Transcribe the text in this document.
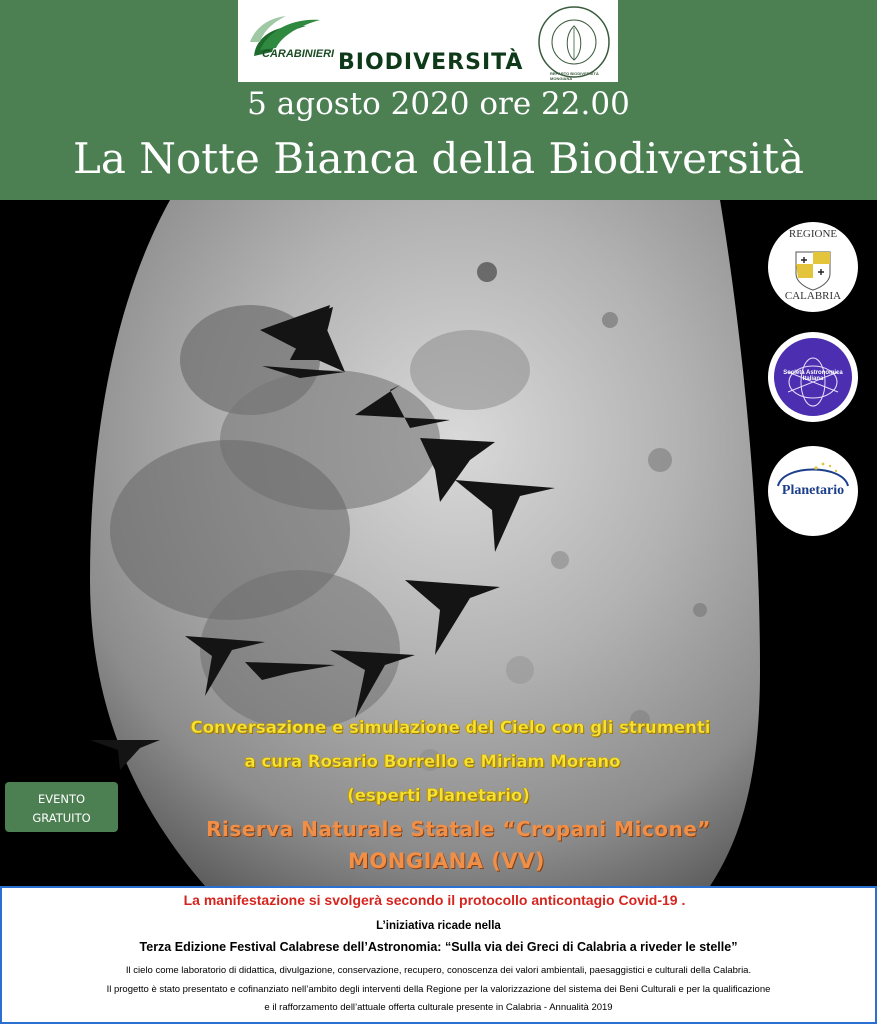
CARABINIERI BIODIVERSITÀ	REPARTO BIODIVERSITÀ MONGIANA
5 agosto 2020 ore 22.00
La Notte Bianca della Biodiversità
REGIONE
CALABRIA
Società Astronomica Italiana
Planetario
Conversazione e simulazione del Cielo con gli strumenti
a cura Rosario Borrello e Miriam Morano
(esperti Planetario)
Riserva Naturale Statale “Cropani Micone”
MONGIANA (VV)
EVENTO
GRATUITO
La manifestazione si svolgerà secondo il protocollo anticontagio Covid-19 .
L’iniziativa ricade nella
Terza Edizione Festival Calabrese dell’Astronomia: “Sulla via dei Greci di Calabria a riveder le stelle”
Il cielo come laboratorio di didattica, divulgazione, conservazione, recupero, conoscenza dei valori ambientali, paesaggistici e culturali della Calabria.
Il progetto è stato presentato e cofinanziato nell’ambito degli interventi della Regione per la valorizzazione del sistema dei Beni Culturali e per la qualificazione
e il rafforzamento dell’attuale offerta culturale presente in Calabria - Annualità 2019
